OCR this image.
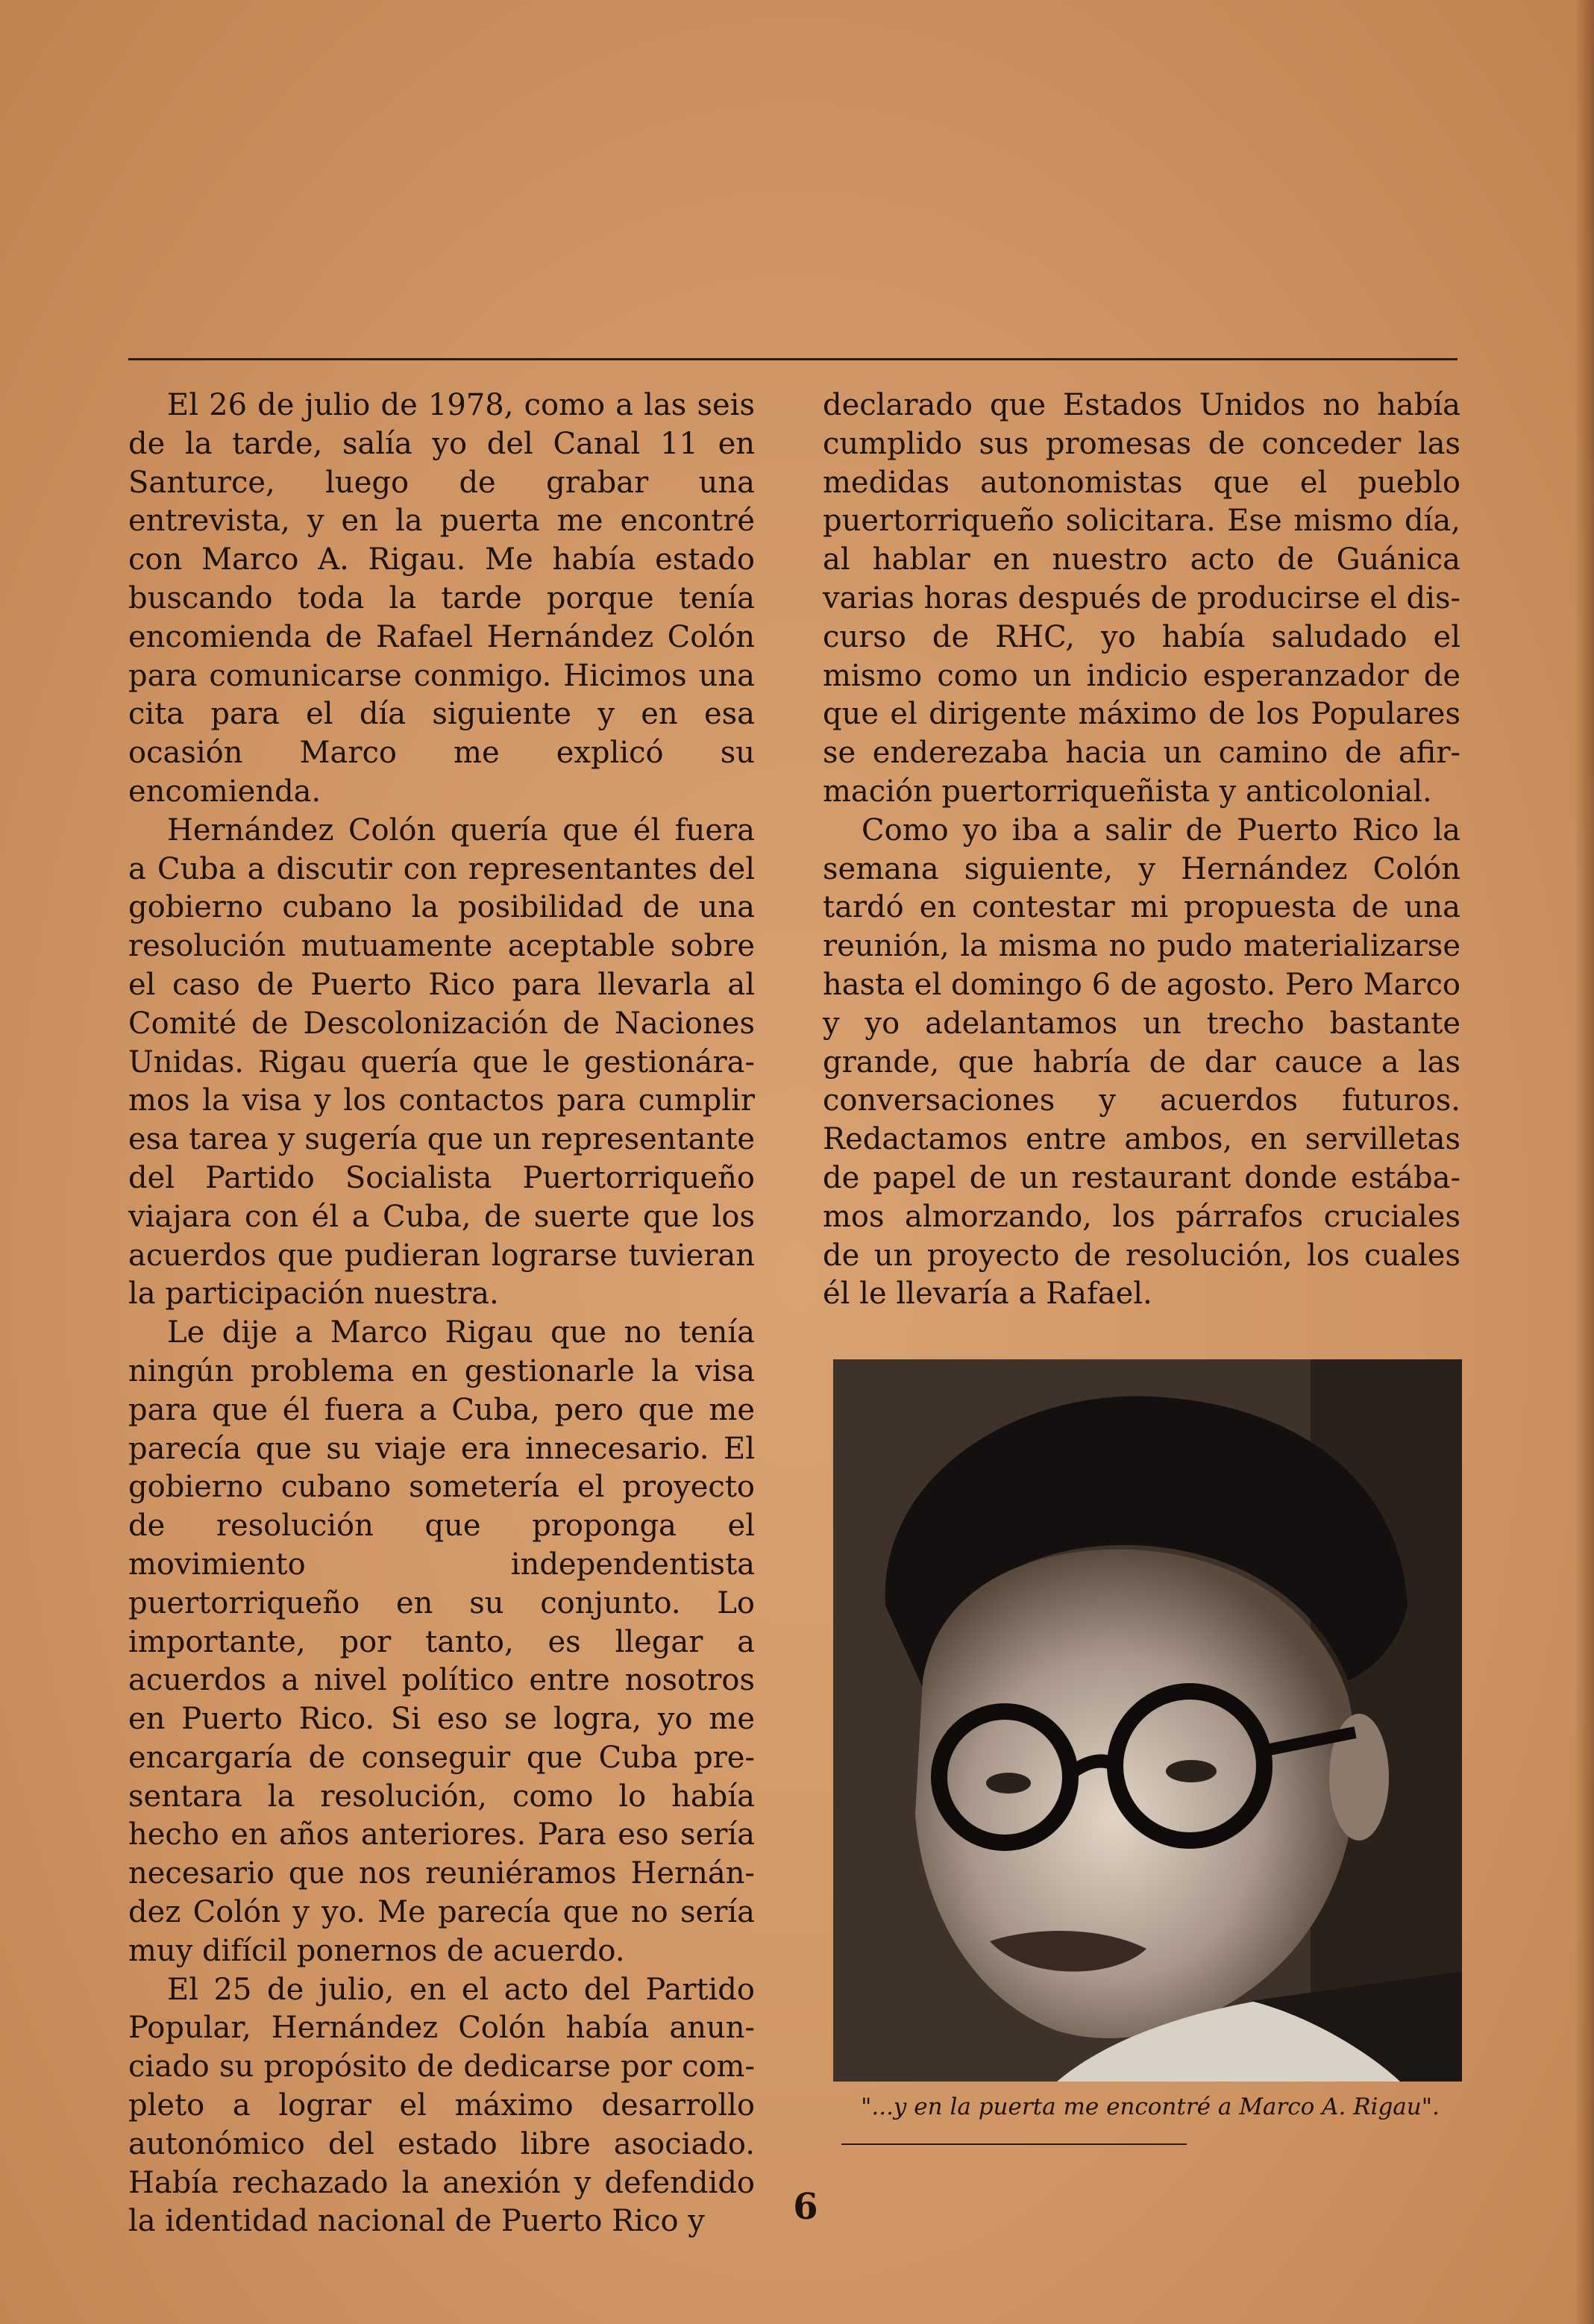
El 26 de julio de 1978, como a las seis de la tarde, salía yo del Canal 11 en Santurce, luego de grabar una entrevista, y en la puerta me encontré con Marco A. Rigau. Me había estado buscando toda la tarde porque tenía encomienda de Rafael Hernández Colón para comunicarse conmigo. Hicimos una cita para el día siguiente y en esa ocasión Marco me explicó su encomienda.

Hernández Colón quería que él fuera a Cuba a discutir con representantes del gobierno cubano la posibilidad de una resolución mutuamente aceptable sobre el caso de Puerto Rico para llevarla al Comité de Descolonización de Naciones Unidas. Rigau quería que le gestionáramos la visa y los contactos para cumplir esa tarea y sugería que un representante del Partido Socialista Puertorriqueño viajara con él a Cuba, de suerte que los acuerdos que pudieran lograrse tuvieran la participación nuestra.

Le dije a Marco Rigau que no tenía ningún problema en gestionarle la visa para que él fuera a Cuba, pero que me parecía que su viaje era innecesario. El gobierno cubano sometería el proyecto de resolución que proponga el movimiento independentista puertorriqueño en su conjunto. Lo importante, por tanto, es llegar a acuerdos a nivel político entre nosotros en Puerto Rico. Si eso se logra, yo me encargaría de conseguir que Cuba presentara la resolución, como lo había hecho en años anteriores. Para eso sería necesario que nos reuniéramos Hernández Colón y yo. Me parecía que no sería muy difícil ponernos de acuerdo.

El 25 de julio, en el acto del Partido Popular, Hernández Colón había anunciado su propósito de dedicarse por completo a lograr el máximo desarrollo autonómico del estado libre asociado. Había rechazado la anexión y defendido la identidad nacional de Puerto Rico y

declarado que Estados Unidos no había cumplido sus promesas de conceder las medidas autonomistas que el pueblo puertorriqueño solicitara. Ese mismo día, al hablar en nuestro acto de Guánica varias horas después de producirse el discurso de RHC, yo había saludado el mismo como un indicio esperanzador de que el dirigente máximo de los Populares se enderezaba hacia un camino de afirmación puertorriqueñista y anticolonial.

Como yo iba a salir de Puerto Rico la semana siguiente, y Hernández Colón tardó en contestar mi propuesta de una reunión, la misma no pudo materializarse hasta el domingo 6 de agosto. Pero Marco y yo adelantamos un trecho bastante grande, que habría de dar cauce a las conversaciones y acuerdos futuros. Redactamos entre ambos, en servilletas de papel de un restaurant donde estábamos almorzando, los párrafos cruciales de un proyecto de resolución, los cuales él le llevaría a Rafael.

"...y en la puerta me encontré a Marco A. Rigau".
6
